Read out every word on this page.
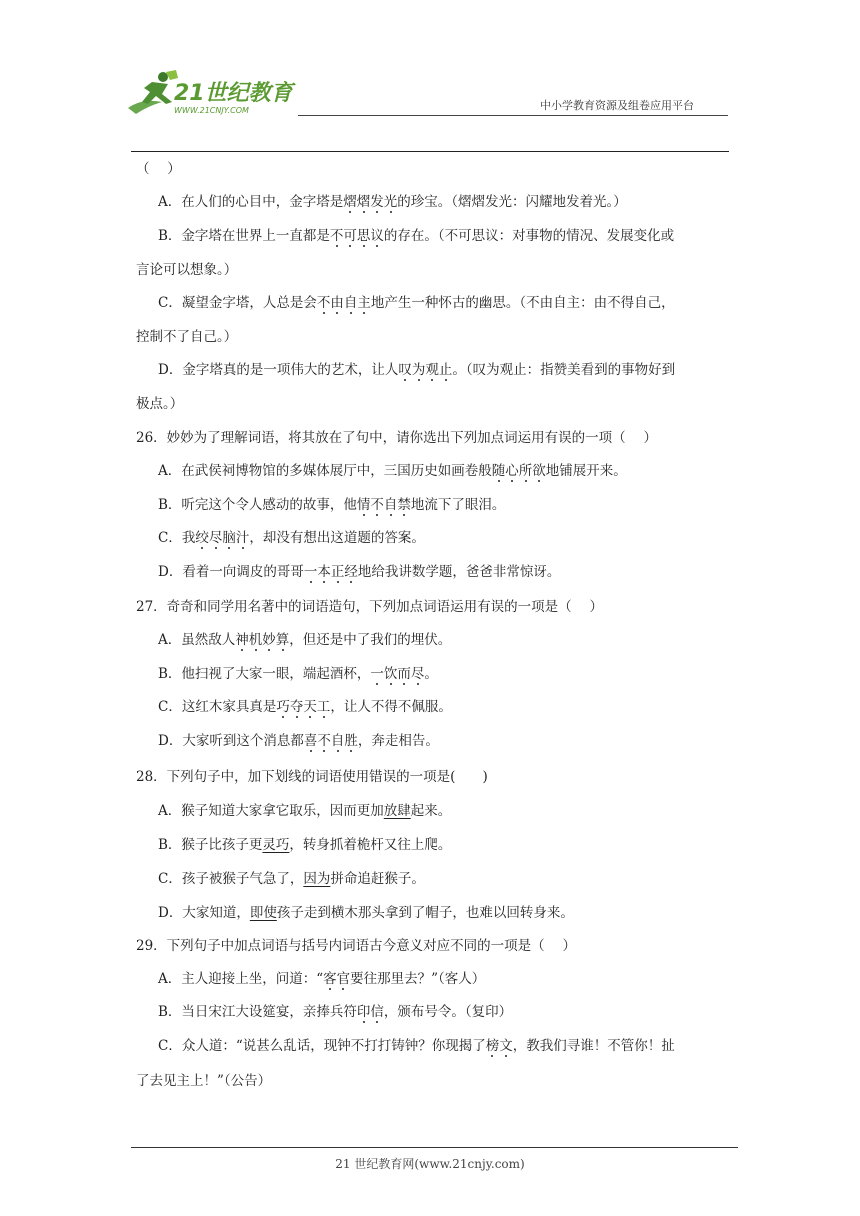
21世纪教育
WWW.21CNJY.COM	中小学教育资源及组卷应用平台
（　 ）
A．在人们的心目中，金字塔是熠熠发光的珍宝。（熠熠发光：闪耀地发着光。）
B．金字塔在世界上一直都是不可思议的存在。（不可思议：对事物的情况、发展变化或
言论可以想象。）
C．凝望金字塔，人总是会不由自主地产生一种怀古的幽思。（不由自主：由不得自己，
控制不了自己。）
D．金字塔真的是一项伟大的艺术，让人叹为观止。（叹为观止：指赞美看到的事物好到
极点。）
26．妙妙为了理解词语，将其放在了句中，请你选出下列加点词运用有误的一项（　 ）
A．在武侯祠博物馆的多媒体展厅中，三国历史如画卷般随心所欲地铺展开来。
B．听完这个令人感动的故事，他情不自禁地流下了眼泪。
C．我绞尽脑汁，却没有想出这道题的答案。
D．看着一向调皮的哥哥一本正经地给我讲数学题，爸爸非常惊讶。
27．奇奇和同学用名著中的词语造句，下列加点词语运用有误的一项是（　 ）
A．虽然敌人神机妙算，但还是中了我们的埋伏。
B．他扫视了大家一眼，端起酒杯，一饮而尽。
C．这红木家具真是巧夺天工，让人不得不佩服。
D．大家听到这个消息都喜不自胜，奔走相告。
28．下列句子中，加下划线的词语使用错误的一项是(　　)
A．猴子知道大家拿它取乐，因而更加放肆起来。
B．猴子比孩子更灵巧，转身抓着桅杆又往上爬。
C．孩子被猴子气急了，因为拼命追赶猴子。
D．大家知道，即使孩子走到横木那头拿到了帽子，也难以回转身来。
29．下列句子中加点词语与括号内词语古今意义对应不同的一项是（　 ）
A．主人迎接上坐，问道：“客官要往那里去？”（客人）
B．当日宋江大设筵宴，亲捧兵符印信，颁布号令。（复印）
C．众人道：“说甚么乱话，现钟不打打铸钟？你现揭了榜文，教我们寻谁！不管你！扯
了去见主上！”（公告）
21 世纪教育网(www.21cnjy.com)
